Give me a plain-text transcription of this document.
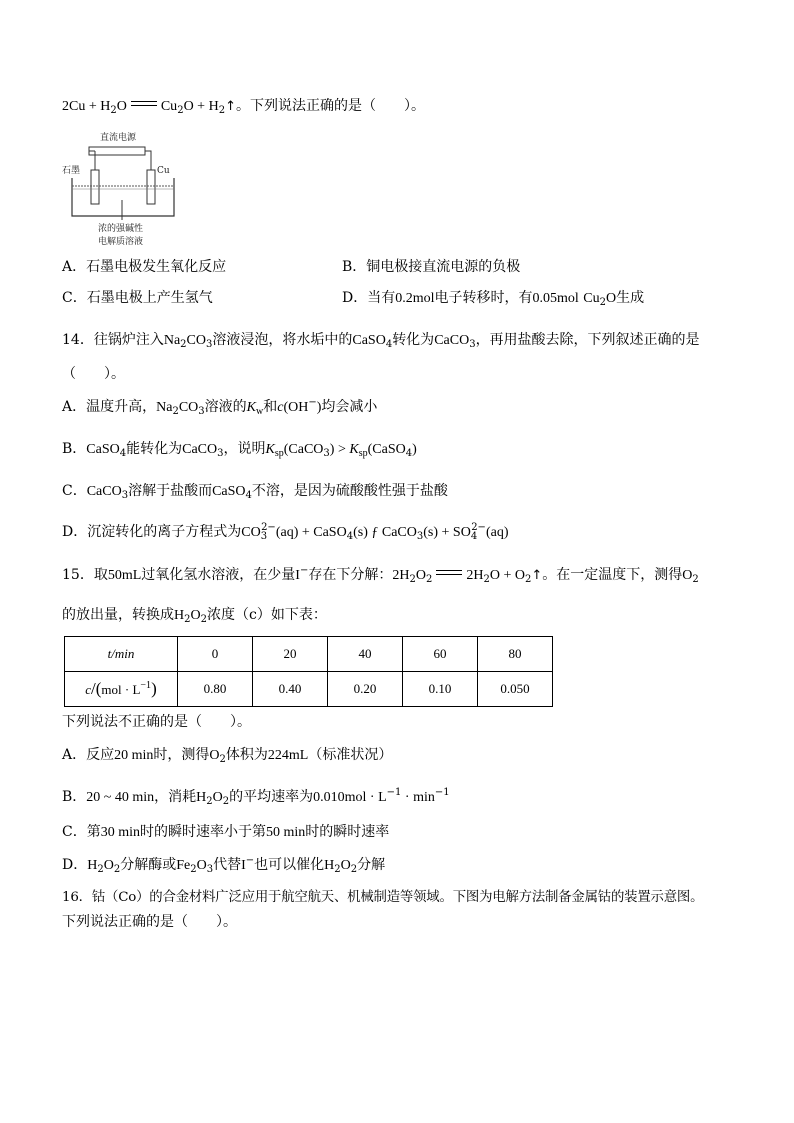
$2Cu + H_2O$ $Cu_2O$ + $H_2↑$。下列说法正确的是（　　）。
直流电源
石墨	Cu
浓的强碱性
电解质溶液
A．石墨电极发生氧化反应	B．铜电极接直流电源的负极
C．石墨电极上产生氢气	D．当有0.2mol电子转移时，有0.05mol $Cu_2O$生成
14．往锅炉注入$Na_2CO_3$溶液浸泡，将水垢中的CaSO$_4$转化为CaCO$_3$，再用盐酸去除，下列叙述正确的是
（　　）。
A．温度升高，$Na_2CO_3$溶液的$K_w$和c(OH−)均会减小
B．CaSO$_4$能转化为CaCO$_3$，说明$K_{sp}(CaCO_3)$ > $K_{sp}(CaSO_4)$
C．CaCO$_3$溶解于盐酸而CaSO$_4$不溶，是因为硫酸酸性强于盐酸
D．沉淀转化的离子方程式为$CO_3^{2-}(aq)$ + CaSO$_4$(s) ƒ CaCO$_3$(s) + $SO_4^{2-}(aq)$
15．取50mL过氧化氢水溶液，在少量I−存在下分解：$2H_2O_2$ $2H_2O$ + $O_2↑$。在一定温度下，测得$O_2$
的放出量，转换成$H_2O_2$浓度（c）如下表：
t/min	0	20	40	60	80
$c/(mol \cdot L^{-1})$	0.80	0.40	0.20	0.10	0.050
下列说法不正确的是（　　）。
A．反应20 min时，测得$O_2$体积为224mL（标准状况）
B．20 ~ 40 min，消耗$H_2O_2$的平均速率为$0.010mol \cdot L^{-1} \cdot \min^{-1}$
C．第30 min时的瞬时速率小于第50 min时的瞬时速率
D．$H_2O_2$分解酶或$Fe_2O_3$代替I−也可以催化$H_2O_2$分解
16．钴（Co）的合金材料广泛应用于航空航天、机械制造等领域。下图为电解方法制备金属钴的装置示意图。
下列说法正确的是（　　）。
